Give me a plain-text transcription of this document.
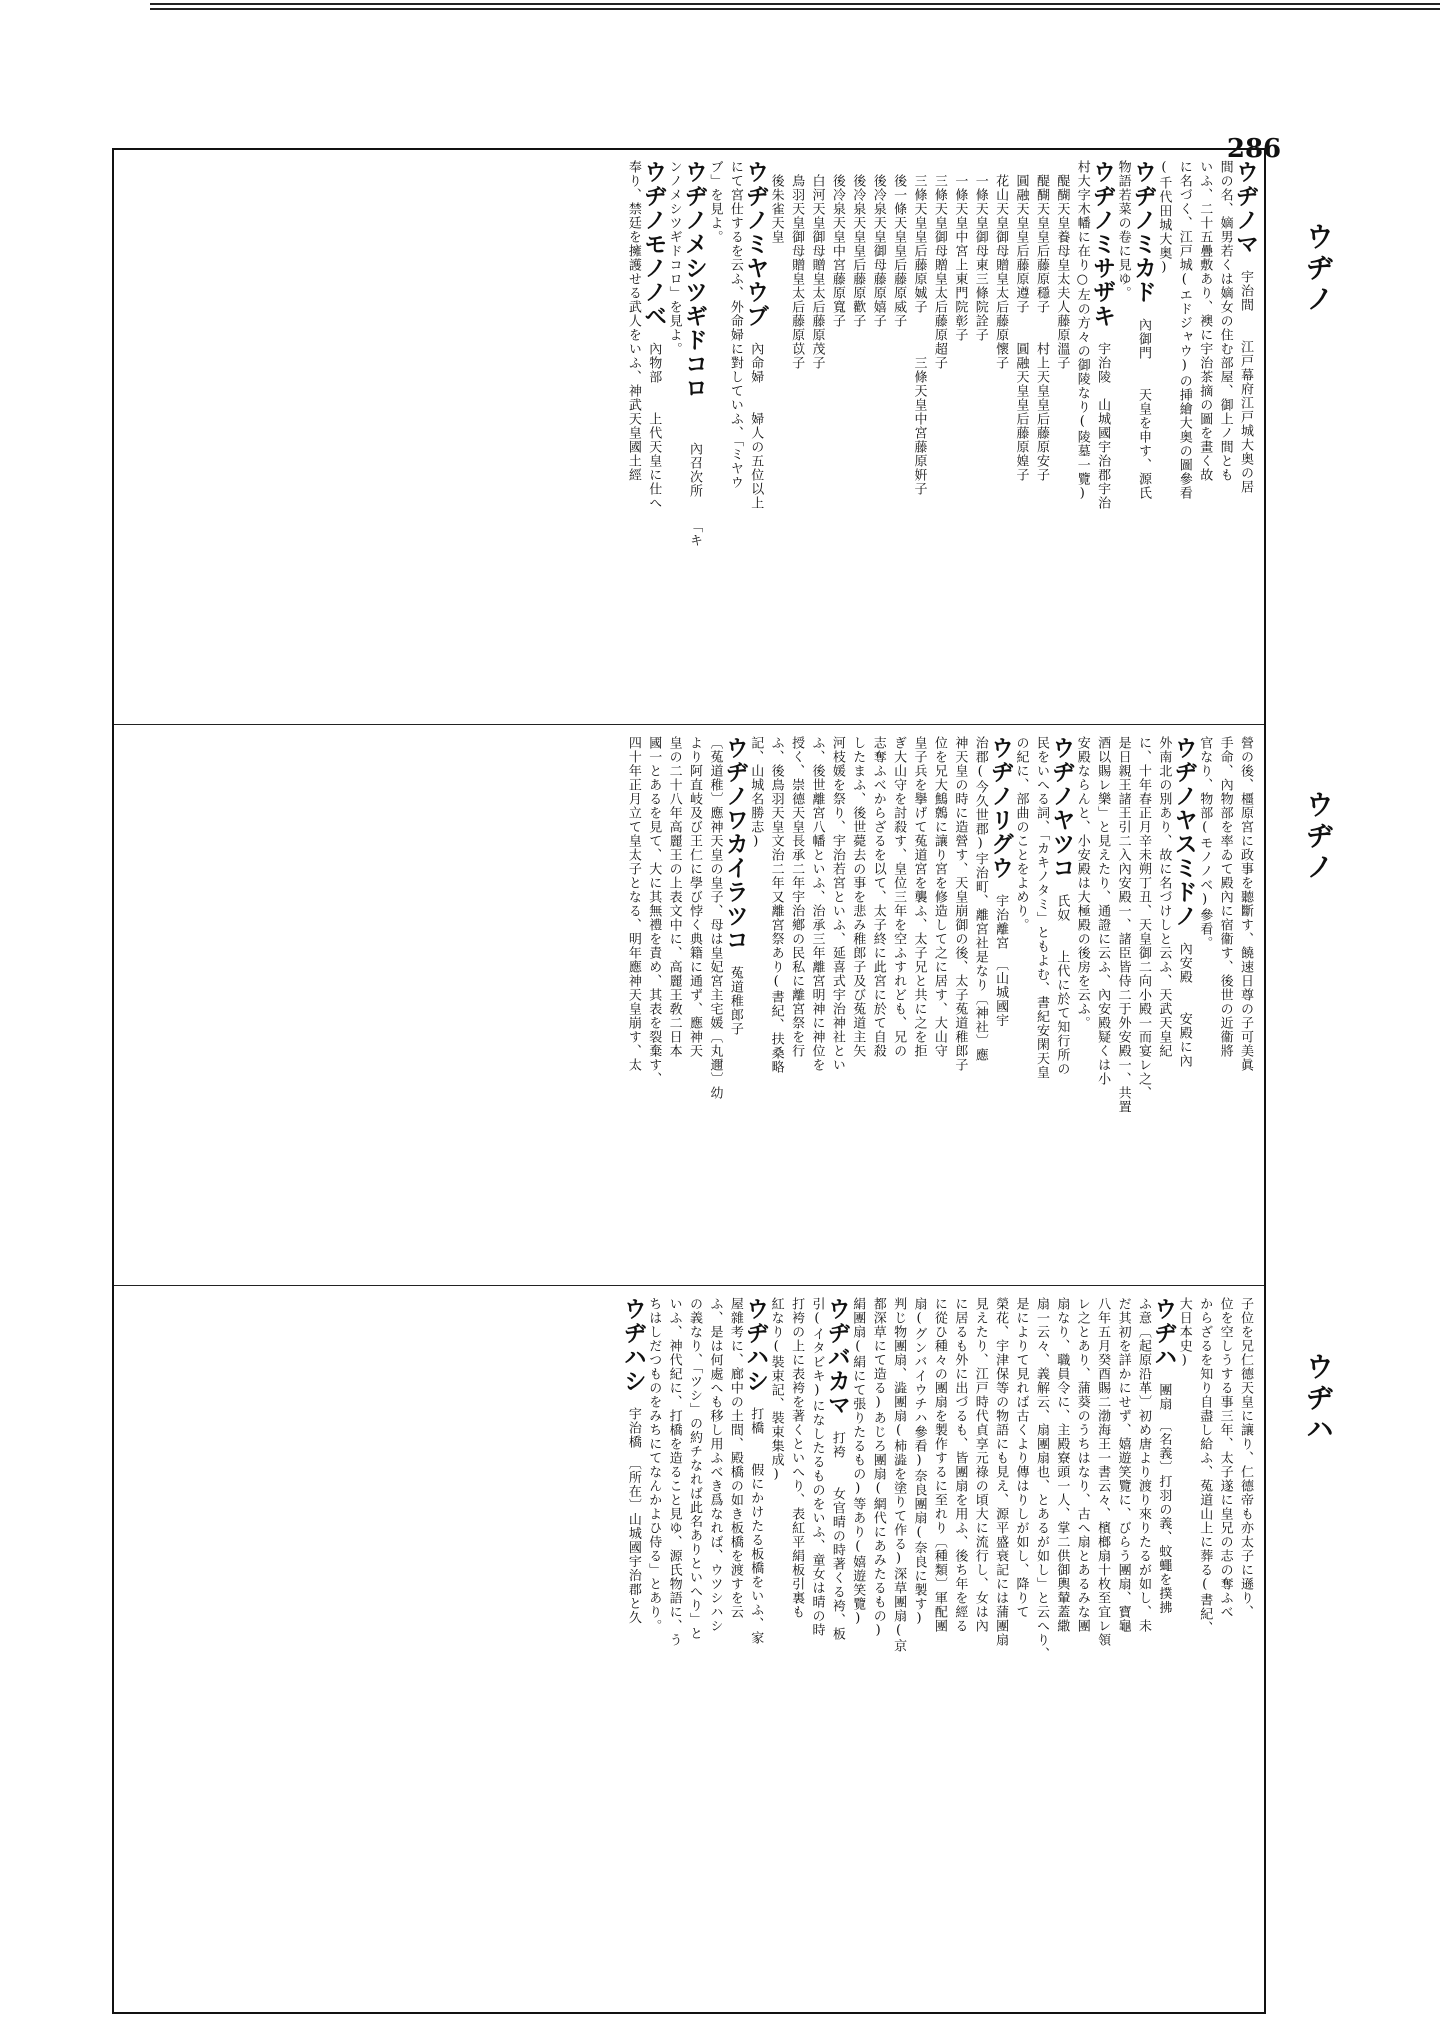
286
ウヂノ
ウヂノ
ウヂハ
ウヂノマ　宇治間　　江戸幕府江戸城大奥の居
間の名、嫡男若くは嫡女の住む部屋、御上ノ間とも
いふ、二十五疊敷あり、襖に宇治茶摘の圖を畫く故
に名づく、江戸城(エドジャウ)の挿繪大奥の圖參看
(千代田城大奥)
ウヂノミカド　內御門　　天皇を申す、源氏
物語若菜の卷に見ゆ。
ウヂノミサザキ　宇治陵　山城國宇治郡宇治
村大字木幡に在り○左の方々の御陵なり(陵墓一覽)
　醍醐天皇養母皇太夫人藤原溫子
　醍醐天皇皇后藤原穩子　　村上天皇皇后藤原安子
　圓融天皇皇后藤原遵子　　圓融天皇皇后藤原媓子
　花山天皇御母贈皇太后藤原懷子
　一條天皇御母東三條院詮子
　一條天皇中宮上東門院彰子
　三條天皇御母贈皇太后藤原超子
　三條天皇皇后藤原娍子　　　三條天皇中宮藤原姸子
　後一條天皇皇后藤原威子
　後冷泉天皇御母藤原嬉子
　後冷泉天皇皇后藤原歡子
　後冷泉天皇中宮藤原寬子
　白河天皇御母贈皇太后藤原茂子
　鳥羽天皇御母贈皇太后藤原苡子
　後朱雀天皇
ウヂノミヤウブ　內命婦　　婦人の五位以上
にて宮仕するを云ふ、外命婦に對していふ、「ミヤウ
ブ」を見よ。
ウヂノメシツギドコロ　　　內召次所　　「キ
ンノメシツギドコロ」を見よ。
ウヂノモノノベ　內物部　　上代天皇に仕へ
奉り、禁廷を擁護せる武人をいふ、神武天皇國土經
營の後、橿原宮に政事を聽斷す、饒速日尊の子可美眞
手命、內物部を率ゐて殿內に宿衞す、後世の近衞將
官なり、物部(モノノベ)參看。
ウヂノヤスミドノ　內安殿　　安殿に內
外南北の別あり、故に名づけしと云ふ、天武天皇紀
に、十年春正月辛未朔丁丑、天皇御二向小殿一而宴レ之、
是日親王諸王引二入內安殿一、諸臣皆侍二于外安殿一、共置
酒以賜レ樂」と見えたり、通證に云ふ、內安殿疑くは小
安殿ならんと、小安殿は大極殿の後房を云ふ。
ウヂノヤツコ　氏奴　　上代に於て知行所の
民をいへる詞、「カキノタミ」ともよむ、書紀安閑天皇
の紀に、部曲のことをよめり。
ウヂノリグウ　宇治離宮　〔山城國宇
治郡(今久世郡)宇治町、離宮社是なり〔神社〕應
神天皇の時に造營す、天皇崩御の後、太子菟道稚郎子
位を兄大鷦鷯に讓り宮を修造して之に居す、大山守
皇子兵を擧げて菟道宮を襲ふ、太子兄と共に之を拒
ぎ大山守を討殺す、皇位三年を空ふすれども、兄の
志奪ふべからざるを以て、太子終に此宮に於て自殺
したまふ、後世薨去の事を悲み稚郎子及び菟道主矢
河枝媛を祭り、宇治若宮といふ、延喜式宇治神社とい
ふ、後世離宮八幡といふ、治承三年離宮明神に神位を
授く、崇德天皇長承二年宇治鄕の民私に離宮祭を行
ふ、後鳥羽天皇文治二年又離宮祭あり(書紀、扶桑略
記、山城名勝志)
ウヂノワカイラツコ　菟道稚郎子
〔菟道稚〕應神天皇の皇子、母は皇妃宮主宅媛〔丸邇〕幼
より阿直岐及び王仁に學び悖く典籍に通ず、應神天
皇の二十八年高麗王の上表文中に、高麗王敎二日本
國一とあるを見て、大に其無禮を責め、其表を裂棄す、
四十年正月立て皇太子となる、明年應神天皇崩す、太
子位を兄仁德天皇に讓り、仁德帝も亦太子に遜り、
位を空しうする事三年、太子遂に皇兄の志の奪ふべ
からざるを知り自盡し給ふ、菟道山上に葬る(書紀、
大日本史)
ウヂハ　團扇　〔名義〕打羽の義、蚊蠅を撲拂
ふ意〔起原沿革〕初め唐より渡り來りたるが如し、未
だ其初を詳かにせず、嬉遊笑覽に、びらう團扇、寶龜
八年五月癸酉賜二渤海王一書云々、檳榔扇十枚至宜レ領
レ之とあり、蒲葵のうちはなり、古へ扇とあるみな團
扇なり、職員令に、主殿寮頭一人、掌二供御輿輦蓋繖
扇一云々、義解云、扇團扇也、とあるが如し」と云へり、
是によりて見れば古くより傳はりしが如し、降りて
榮花、宇津保等の物語にも見え、源平盛衰記には蒲團扇
見えたり、江戸時代貞享元祿の頃大に流行し、女は內
に居るも外に出づるも、皆團扇を用ふ、後ち年を經る
に從ひ種々の團扇を製作するに至れり〔種類〕軍配團
扇(グンバイウチハ參看)奈良團扇(奈良に製す)
判じ物團扇、澁團扇(柿澁を塗りて作る)深草團扇(京
都深草にて造る)あじろ團扇(網代にあみたるもの)
絹團扇(絹にて張りたるもの)等あり(嬉遊笑覽)
ウヂバカマ　打袴　　女官晴の時著くる袴、板
引(イタビキ)になしたるものをいふ、童女は晴の時
打袴の上に表袴を著くといへり、表紅平絹板引裏も
紅なり(裝束記、裝束集成)
ウヂハシ　打橋　　假にかけたる板橋をいふ、家
屋雜考に、廊中の土間、殿橋の如き板橋を渡すを云
ふ、是は何處へも移し用ふべき爲なれば、ウツシハシ
の義なり、「ツシ」の約チなれば此名ありといへり」と
いふ、神代紀に、打橋を造ること見ゆ、源氏物語に、う
ちはしだつものをみちにてなんかよひ侍る」とあり。
ウヂハシ　宇治橋　〔所在〕山城國宇治郡と久
